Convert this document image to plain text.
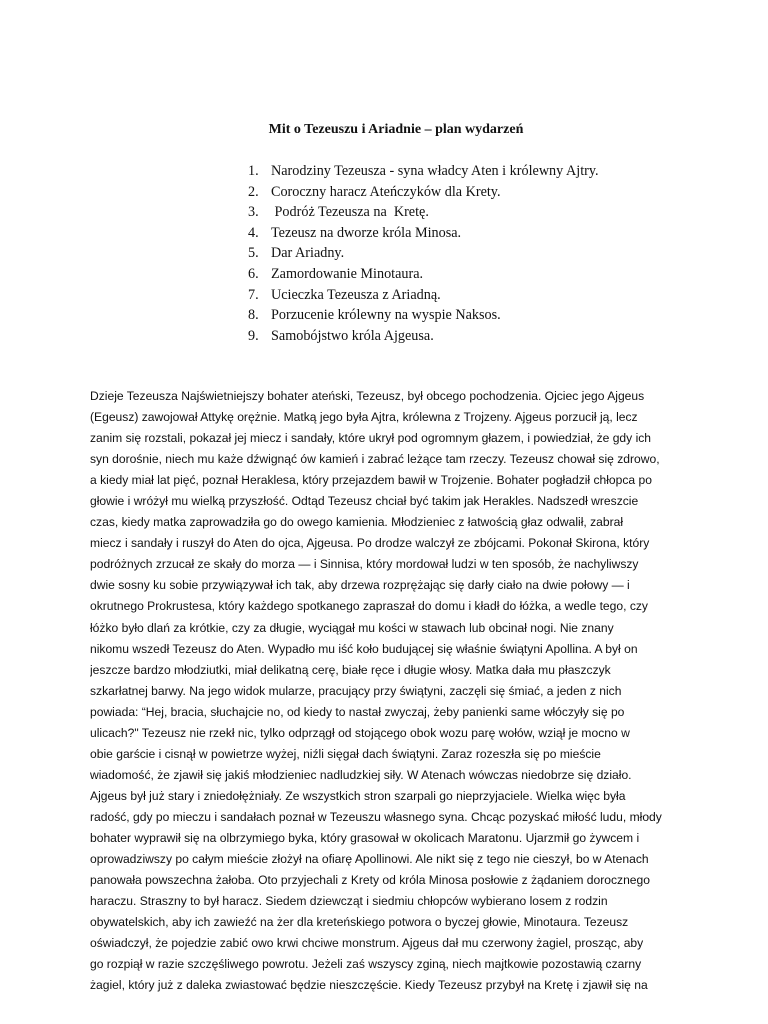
Mit o Tezeuszu i Ariadnie – plan wydarzeń
1. Narodziny Tezeusza - syna władcy Aten i królewny Ajtry.
2. Coroczny haracz Ateńczyków dla Krety.
3. Podróż Tezeusza na  Kretę.
4. Tezeusz na dworze króla Minosa.
5. Dar Ariadny.
6. Zamordowanie Minotaura.
7. Ucieczka Tezeusza z Ariadną.
8. Porzucenie królewny na wyspie Naksos.
9. Samobójstwo króla Ajgeusa.

Dzieje Tezeusza Najświetniejszy bohater ateński, Tezeusz, był obcego pochodzenia. Ojciec jego Ajgeus
(Egeusz) zawojował Attykę orężnie. Matką jego była Ajtra, królewna z Trojzeny. Ajgeus porzucił ją, lecz
zanim się rozstali, pokazał jej miecz i sandały, które ukrył pod ogromnym głazem, i powiedział, że gdy ich
syn dorośnie, niech mu każe dźwignąć ów kamień i zabrać leżące tam rzeczy. Tezeusz chował się zdrowo,
a kiedy miał lat pięć, poznał Heraklesa, który przejazdem bawił w Trojzenie. Bohater pogładził chłopca po
głowie i wróżył mu wielką przyszłość. Odtąd Tezeusz chciał być takim jak Herakles. Nadszedł wreszcie
czas, kiedy matka zaprowadziła go do owego kamienia. Młodzieniec z łatwością głaz odwalił, zabrał
miecz i sandały i ruszył do Aten do ojca, Ajgeusa. Po drodze walczył ze zbójcami. Pokonał Skirona, który
podróżnych zrzucał ze skały do morza — i Sinnisa, który mordował ludzi w ten sposób, że nachyliwszy
dwie sosny ku sobie przywiązywał ich tak, aby drzewa rozprężając się darły ciało na dwie połowy — i
okrutnego Prokrustesa, który każdego spotkanego zapraszał do domu i kładł do łóżka, a wedle tego, czy
łóżko było dlań za krótkie, czy za długie, wyciągał mu kości w stawach lub obcinał nogi. Nie znany
nikomu wszedł Tezeusz do Aten. Wypadło mu iść koło budującej się właśnie świątyni Apollina. A był on
jeszcze bardzo młodziutki, miał delikatną cerę, białe ręce i długie włosy. Matka dała mu płaszczyk
szkarłatnej barwy. Na jego widok mularze, pracujący przy świątyni, zaczęli się śmiać, a jeden z nich
powiada: “Hej, bracia, słuchajcie no, od kiedy to nastał zwyczaj, żeby panienki same włóczyły się po
ulicach?" Tezeusz nie rzekł nic, tylko odprzągł od stojącego obok wozu parę wołów, wziął je mocno w
obie garście i cisnął w powietrze wyżej, niźli sięgał dach świątyni. Zaraz rozeszła się po mieście
wiadomość, że zjawił się jakiś młodzieniec nadludzkiej siły. W Atenach wówczas niedobrze się działo.
Ajgeus był już stary i zniedołężniały. Ze wszystkich stron szarpali go nieprzyjaciele. Wielka więc była
radość, gdy po mieczu i sandałach poznał w Tezeuszu własnego syna. Chcąc pozyskać miłość ludu, młody
bohater wyprawił się na olbrzymiego byka, który grasował w okolicach Maratonu. Ujarzmił go żywcem i
oprowadziwszy po całym mieście złożył na ofiarę Apollinowi. Ale nikt się z tego nie cieszył, bo w Atenach
panowała powszechna żałoba. Oto przyjechali z Krety od króla Minosa posłowie z żądaniem dorocznego
haraczu. Straszny to był haracz. Siedem dziewcząt i siedmiu chłopców wybierano losem z rodzin
obywatelskich, aby ich zawieźć na żer dla kreteńskiego potwora o byczej głowie, Minotaura. Tezeusz
oświadczył, że pojedzie zabić owo krwi chciwe monstrum. Ajgeus dał mu czerwony żagiel, prosząc, aby
go rozpiął w razie szczęśliwego powrotu. Jeżeli zaś wszyscy zginą, niech majtkowie pozostawią czarny
żagiel, który już z daleka zwiastować będzie nieszczęście. Kiedy Tezeusz przybył na Kretę i zjawił się na
